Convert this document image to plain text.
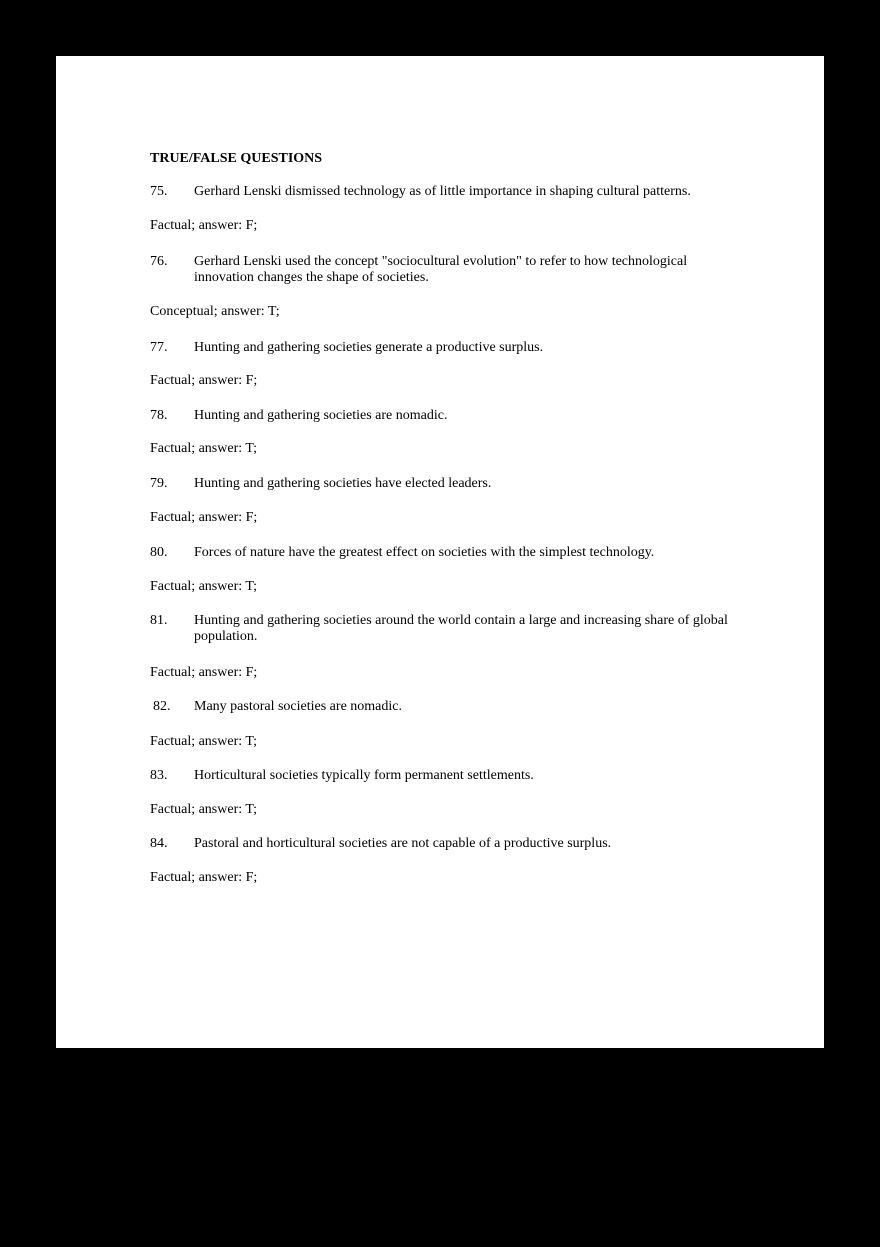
TRUE/FALSE QUESTIONS
75. Gerhard Lenski dismissed technology as of little importance in shaping cultural patterns.
Factual; answer: F;
76. Gerhard Lenski used the concept "sociocultural evolution" to refer to how technological innovation changes the shape of societies.
Conceptual; answer: T;
77. Hunting and gathering societies generate a productive surplus.
Factual; answer: F;
78. Hunting and gathering societies are nomadic.
Factual; answer: T;
79. Hunting and gathering societies have elected leaders.
Factual; answer: F;
80. Forces of nature have the greatest effect on societies with the simplest technology.
Factual; answer: T;
81. Hunting and gathering societies around the world contain a large and increasing share of global population.
Factual; answer: F;
82. Many pastoral societies are nomadic.
Factual; answer: T;
83. Horticultural societies typically form permanent settlements.
Factual; answer: T;
84. Pastoral and horticultural societies are not capable of a productive surplus.
Factual; answer: F;
